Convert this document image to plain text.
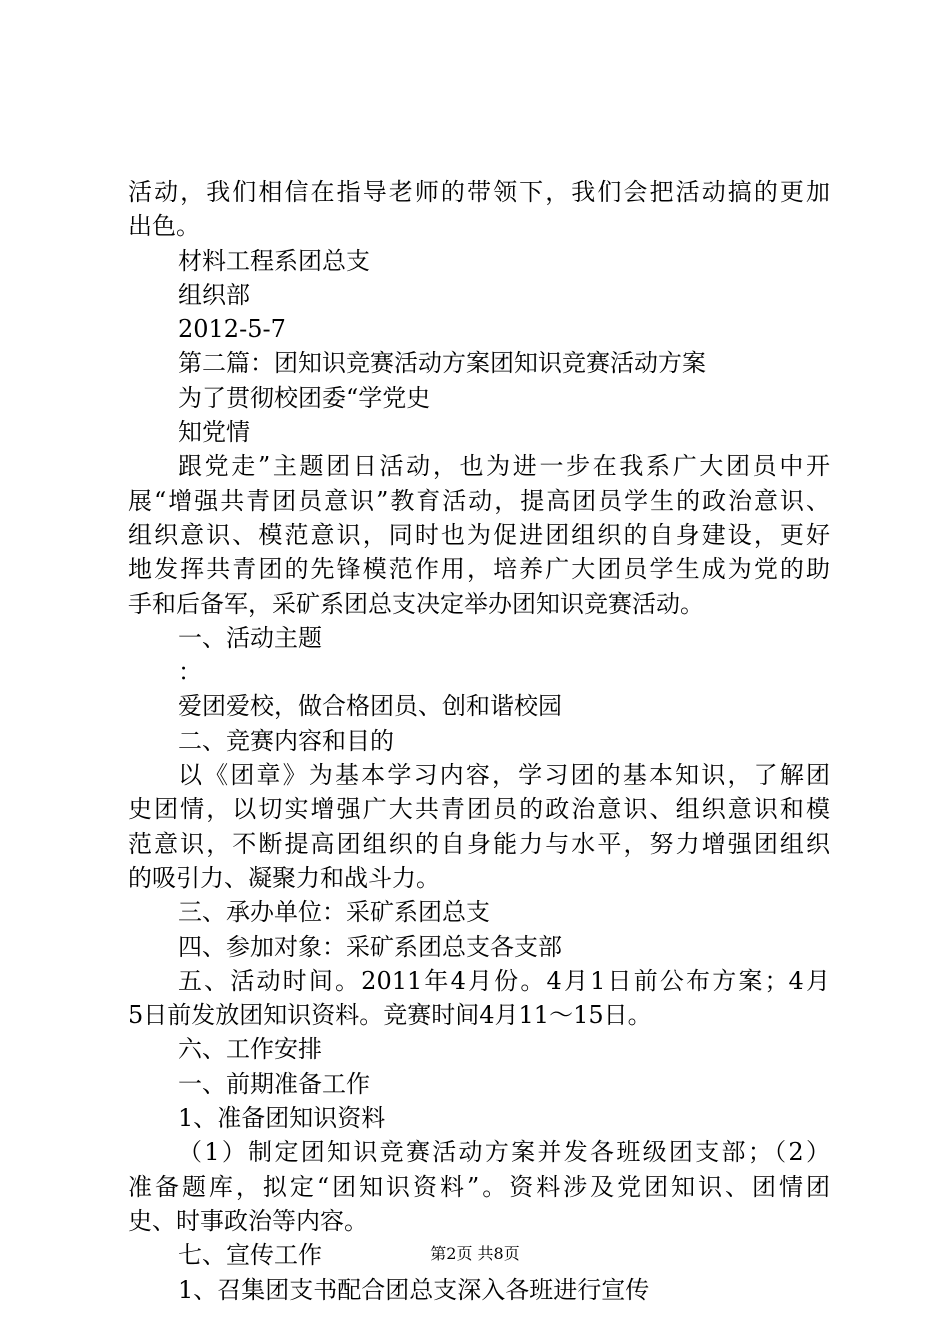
活动，我们相信在指导老师的带领下，我们会把活动搞的更加
出色。
材料工程系团总支
组织部
2012-5-7
第二篇：团知识竞赛活动方案团知识竞赛活动方案
为了贯彻校团委“学党史
知党情
跟党走”主题团日活动，也为进一步在我系广大团员中开
展“增强共青团员意识”教育活动，提高团员学生的政治意识、
组织意识、模范意识，同时也为促进团组织的自身建设，更好
地发挥共青团的先锋模范作用，培养广大团员学生成为党的助
手和后备军，采矿系团总支决定举办团知识竞赛活动。
一、活动主题
：
爱团爱校，做合格团员、创和谐校园
二、竞赛内容和目的
以《团章》为基本学习内容，学习团的基本知识，了解团
史团情，以切实增强广大共青团员的政治意识、组织意识和模
范意识，不断提高团组织的自身能力与水平，努力增强团组织
的吸引力、凝聚力和战斗力。
三、承办单位：采矿系团总支
四、参加对象：采矿系团总支各支部
五、活动时间。2011年4月份。4月1日前公布方案；4月
5日前发放团知识资料。竞赛时间4月11～15日。
六、工作安排
一、前期准备工作
1、准备团知识资料
（1）制定团知识竞赛活动方案并发各班级团支部；（2）
准备题库，拟定“团知识资料”。资料涉及党团知识、团情团
史、时事政治等内容。
七、宣传工作
1、召集团支书配合团总支深入各班进行宣传
第2页 共8页
